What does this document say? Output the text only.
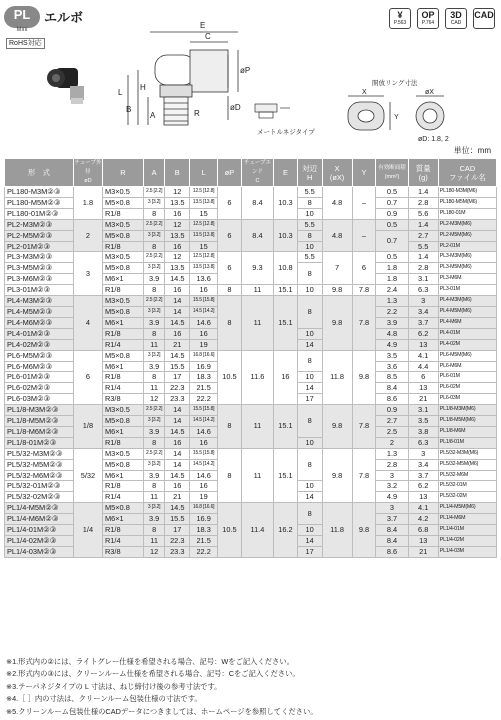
PL
Mini
エルボ
RoHS対応
¥
P.563
OP
P.764
3D
CAD
CAD
E
C
øP
øD
H
L
B
A	R
メートルネジタイプ
開放リング寸法
X	øX
Y
øD: 1.8, 2
単位：mm
形　式	チューブ外径
øD	R	A	B	L	øP	チュープエンド
C	E	対辺
H	X
(øX)	Y	有効断面積
(mm²)	質量
(g)	CAD
ファイル名
PL180-M3M②③	1.8	M3×0.5	2.5 [2.2]	12	12.5 [12.8]	6	8.4	10.3	5.5	4.8	–	0.5	1.4	PL180-M3M(M6)
PL180-M5M②③		M5×0.8	3 [3.2]	13.5	13.5 [13.8]				8			0.7	2.8	PL180-M5M(M6)
PL180-01M②③		R1/8	8	16	15				10			0.9	5.6	PL180-01M
PL2-M3M②③	2	M3×0.5	2.5 [2.2]	12	12.5 [12.8]	6	8.4	10.3	5.5	4.8	–	0.5	1.4	PL2-M3M(M6)
PL2-M5M②③		M5×0.8	3 [3.2]	13.5	13.5 [13.8]				8			0.7	2.7	PL2-M5M(M6)
PL2-01M②③		R1/8	8	16	15				10				5.5	PL2-01M
PL3-M3M②③	3	M3×0.5	2.5 [2.2]	12	12.5 [12.8]	6	9.3	10.8	5.5	7	6	0.5	1.4	PL3-M3M(M6)
PL3-M5M②③		M5×0.8	3 [3.2]	13.5	13.5 [13.8]				8			1.8	2.8	PL3-M5M(M6)
PL3-M6M②③		M6×1	3.9	14.5	13.6							1.8	3.1	PL3-M6M
PL3-01M②③		R1/8	8	16	16	8	11	15.1	10	9.8	7.8	2.4	6.3	PL3-01M
PL4-M3M②③	4	M3×0.5	2.5 [2.2]	14	15.5 [15.8]	8	11	15.1	8	9.8	7.8	1.3	3	PL4-M3M(M6)
PL4-M5M②③		M5×0.8	3 [3.2]	14	14.5 [14.2]							2.2	3.4	PL4-M5M(M6)
PL4-M6M②③		M6×1	3.9	14.5	14.6							3.9	3.7	PL4-M6M
PL4-01M②③		R1/8	8	16	16				10			4.8	6.2	PL4-01M
PL4-02M②③		R1/4	11	21	19				14			4.9	13	PL4-02M
PL6-M5M②③	6	M5×0.8	3 [3.2]	14.5	16.8 [16.6]	10.5	11.6	16	8	11.8	9.8	3.5	4.1	PL6-M5M(M6)
PL6-M6M②③		M6×1	3.9	15.5	16.9							3.6	4.4	PL6-M6M
PL6-01M②③		R1/8	8	17	18.3				10			8.5	6	PL6-01M
PL6-02M②③		R1/4	11	22.3	21.5				14			8.4	13	PL6-02M
PL6-03M②③		R3/8	12	23.3	22.2				17			8.6	21	PL6-03M
PL1/8-M3M②③	1/8	M3×0.5	2.5 [2.2]	14	15.5 [15.8]	8	11	15.1	8	9.8	7.8	0.9	3.1	PL1/8-M3M(M6)
PL1/8-M5M②③		M5×0.8	3 [3.2]	14	14.5 [14.2]							2.7	3.5	PL1/8-M5M(M6)
PL1/8-M6M②③		M6×1	3.9	14.5	14.6							2.5	3.8	PL1/8-M6M
PL1/8-01M②③		R1/8	8	16	16				10			2	6.3	PL1/8-01M
PL5/32-M3M②③	5/32	M3×0.5	2.5 [2.2]	14	15.5 [15.8]	8	11	15.1	8	9.8	7.8	1.3	3	PL5/32-M3M(M6)
PL5/32-M5M②③		M5×0.8	3 [3.2]	14	14.5 [14.2]							2.8	3.4	PL5/32-M5M(M6)
PL5/32-M6M②③		M6×1	3.9	14.5	14.6							3	3.7	PL5/32-M6M
PL5/32-01M②③		R1/8	8	16	16				10			3.2	6.2	PL5/32-01M
PL5/32-02M②③		R1/4	11	21	19				14			4.9	13	PL5/32-02M
PL1/4-M5M②③	1/4	M5×0.8	3 [3.2]	14.5	16.8 [16.6]	10.5	11.4	16.2	8	11.8	9.8	3	4.1	PL1/4-M5M(M6)
PL1/4-M6M②③		M6×1	3.9	15.5	16.9							3.7	4.2	PL1/4-M6M
PL1/4-01M②③		R1/8	8	17	18.3				10			8.4	6.8	PL1/4-01M
PL1/4-02M②③		R1/4	11	22.3	21.5				14			8.4	13	PL1/4-02M
PL1/4-03M②③		R3/8	12	23.3	22.2				17			8.6	21	PL1/4-03M
※1.形式内の②には、ライトグレー仕様を希望される場合、記号：Wをご記入ください。
※2.形式内の③には、クリーンルーム仕様を希望される場合、記号：Cをご記入ください。
※3.テーパネジタイプの L 寸法は、ねじ締付け後の参考寸法です。
※4.［ ］内の寸法は、クリーンルーム包装仕様の寸法です。
※5.クリーンルーム包装仕様のCADデータにつきましては、ホームページを参照してください。
